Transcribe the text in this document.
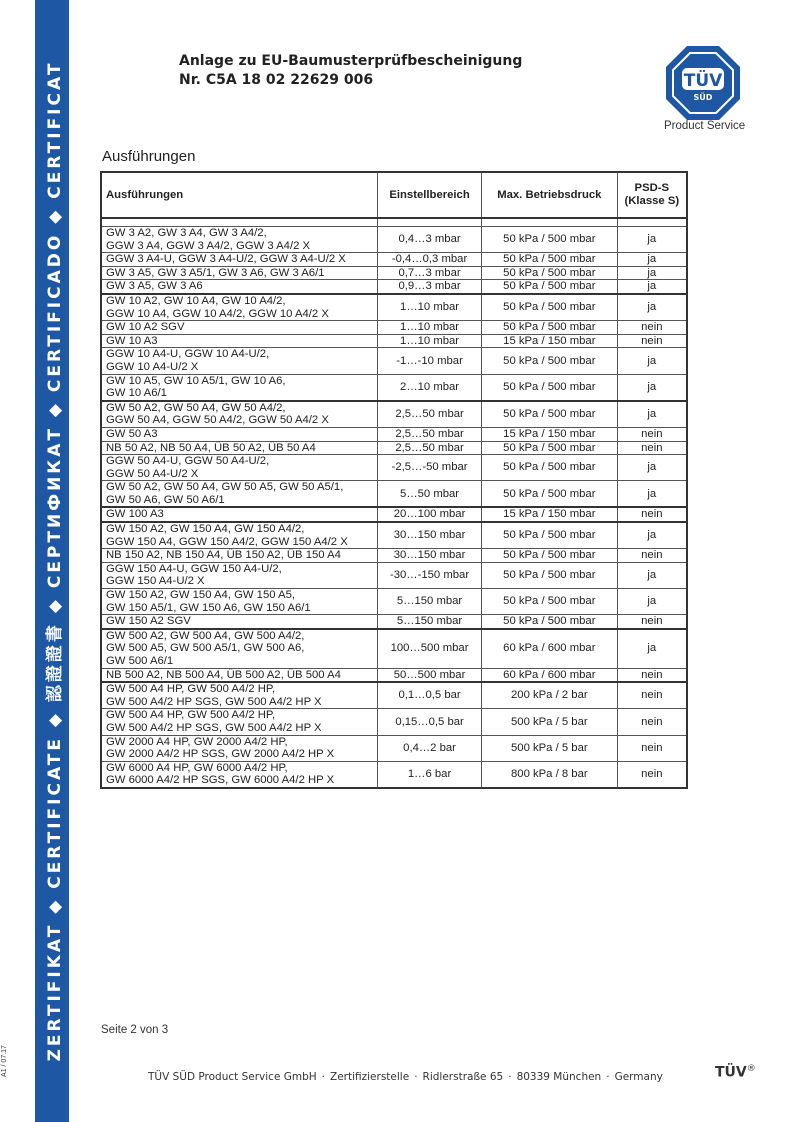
ZERTIFIKAT ◆ CERTIFICATE ◆ 認證證書 ◆ СЕРТИФИКАТ ◆ CERTIFICADO ◆ CERTIFICAT
A1 / 07.17
Anlage zu EU-Baumusterprüfbescheinigung
Nr. C5A 18 02 22629 006	TÜV
SÜD
Product Service
Ausführungen
Ausführungen	Einstellbereich	Max. Betriebsdruck	PSD-S
(Klasse S)

GW 3 A2, GW 3 A4, GW 3 A4/2,
GGW 3 A4, GGW 3 A4/2, GGW 3 A4/2 X	0,4…3 mbar	50 kPa / 500 mbar	ja
GGW 3 A4-U, GGW 3 A4-U/2, GGW 3 A4-U/2 X	-0,4…0,3 mbar	50 kPa / 500 mbar	ja
GW 3 A5, GW 3 A5/1, GW 3 A6, GW 3 A6/1	0,7…3 mbar	50 kPa / 500 mbar	ja
GW 3 A5, GW 3 A6	0,9…3 mbar	50 kPa / 500 mbar	ja
GW 10 A2, GW 10 A4, GW 10 A4/2,
GGW 10 A4, GGW 10 A4/2, GGW 10 A4/2 X	1…10 mbar	50 kPa / 500 mbar	ja
GW 10 A2 SGV	1…10 mbar	50 kPa / 500 mbar	nein
GW 10 A3	1…10 mbar	15 kPa / 150 mbar	nein
GGW 10 A4-U, GGW 10 A4-U/2,
GGW 10 A4-U/2 X	-1…-10 mbar	50 kPa / 500 mbar	ja
GW 10 A5, GW 10 A5/1, GW 10 A6,
GW 10 A6/1	2…10 mbar	50 kPa / 500 mbar	ja
GW 50 A2, GW 50 A4, GW 50 A4/2,
GGW 50 A4, GGW 50 A4/2, GGW 50 A4/2 X	2,5…50 mbar	50 kPa / 500 mbar	ja
GW 50 A3	2,5…50 mbar	15 kPa / 150 mbar	nein
NB 50 A2, NB 50 A4, ÜB 50 A2, ÜB 50 A4	2,5…50 mbar	50 kPa / 500 mbar	nein
GGW 50 A4-U, GGW 50 A4-U/2,
GGW 50 A4-U/2 X	-2,5…-50 mbar	50 kPa / 500 mbar	ja
GW 50 A2, GW 50 A4, GW 50 A5, GW 50 A5/1,
GW 50 A6, GW 50 A6/1	5…50 mbar	50 kPa / 500 mbar	ja
GW 100 A3	20…100 mbar	15 kPa / 150 mbar	nein
GW 150 A2, GW 150 A4, GW 150 A4/2,
GGW 150 A4, GGW 150 A4/2, GGW 150 A4/2 X	30…150 mbar	50 kPa / 500 mbar	ja
NB 150 A2, NB 150 A4, ÜB 150 A2, ÜB 150 A4	30…150 mbar	50 kPa / 500 mbar	nein
GGW 150 A4-U, GGW 150 A4-U/2,
GGW 150 A4-U/2 X	-30…-150 mbar	50 kPa / 500 mbar	ja
GW 150 A2, GW 150 A4, GW 150 A5,
GW 150 A5/1, GW 150 A6, GW 150 A6/1	5…150 mbar	50 kPa / 500 mbar	ja
GW 150 A2 SGV	5…150 mbar	50 kPa / 500 mbar	nein
GW 500 A2, GW 500 A4, GW 500 A4/2,
GW 500 A5, GW 500 A5/1, GW 500 A6,
GW 500 A6/1	100…500 mbar	60 kPa / 600 mbar	ja
NB 500 A2, NB 500 A4, ÜB 500 A2, ÜB 500 A4	50…500 mbar	60 kPa / 600 mbar	nein
GW 500 A4 HP, GW 500 A4/2 HP,
GW 500 A4/2 HP SGS, GW 500 A4/2 HP X	0,1…0,5 bar	200 kPa / 2 bar	nein
GW 500 A4 HP, GW 500 A4/2 HP,
GW 500 A4/2 HP SGS, GW 500 A4/2 HP X	0,15…0,5 bar	500 kPa / 5 bar	nein
GW 2000 A4 HP, GW 2000 A4/2 HP,
GW 2000 A4/2 HP SGS, GW 2000 A4/2 HP X	0,4…2 bar	500 kPa / 5 bar	nein
GW 6000 A4 HP, GW 6000 A4/2 HP,
GW 6000 A4/2 HP SGS, GW 6000 A4/2 HP X	1…6 bar	800 kPa / 8 bar	nein
Seite 2 von 3
TÜV SÜD Product Service GmbH · Zertifizierstelle · Ridlerstraße 65 · 80339 München · Germany	TÜV®
